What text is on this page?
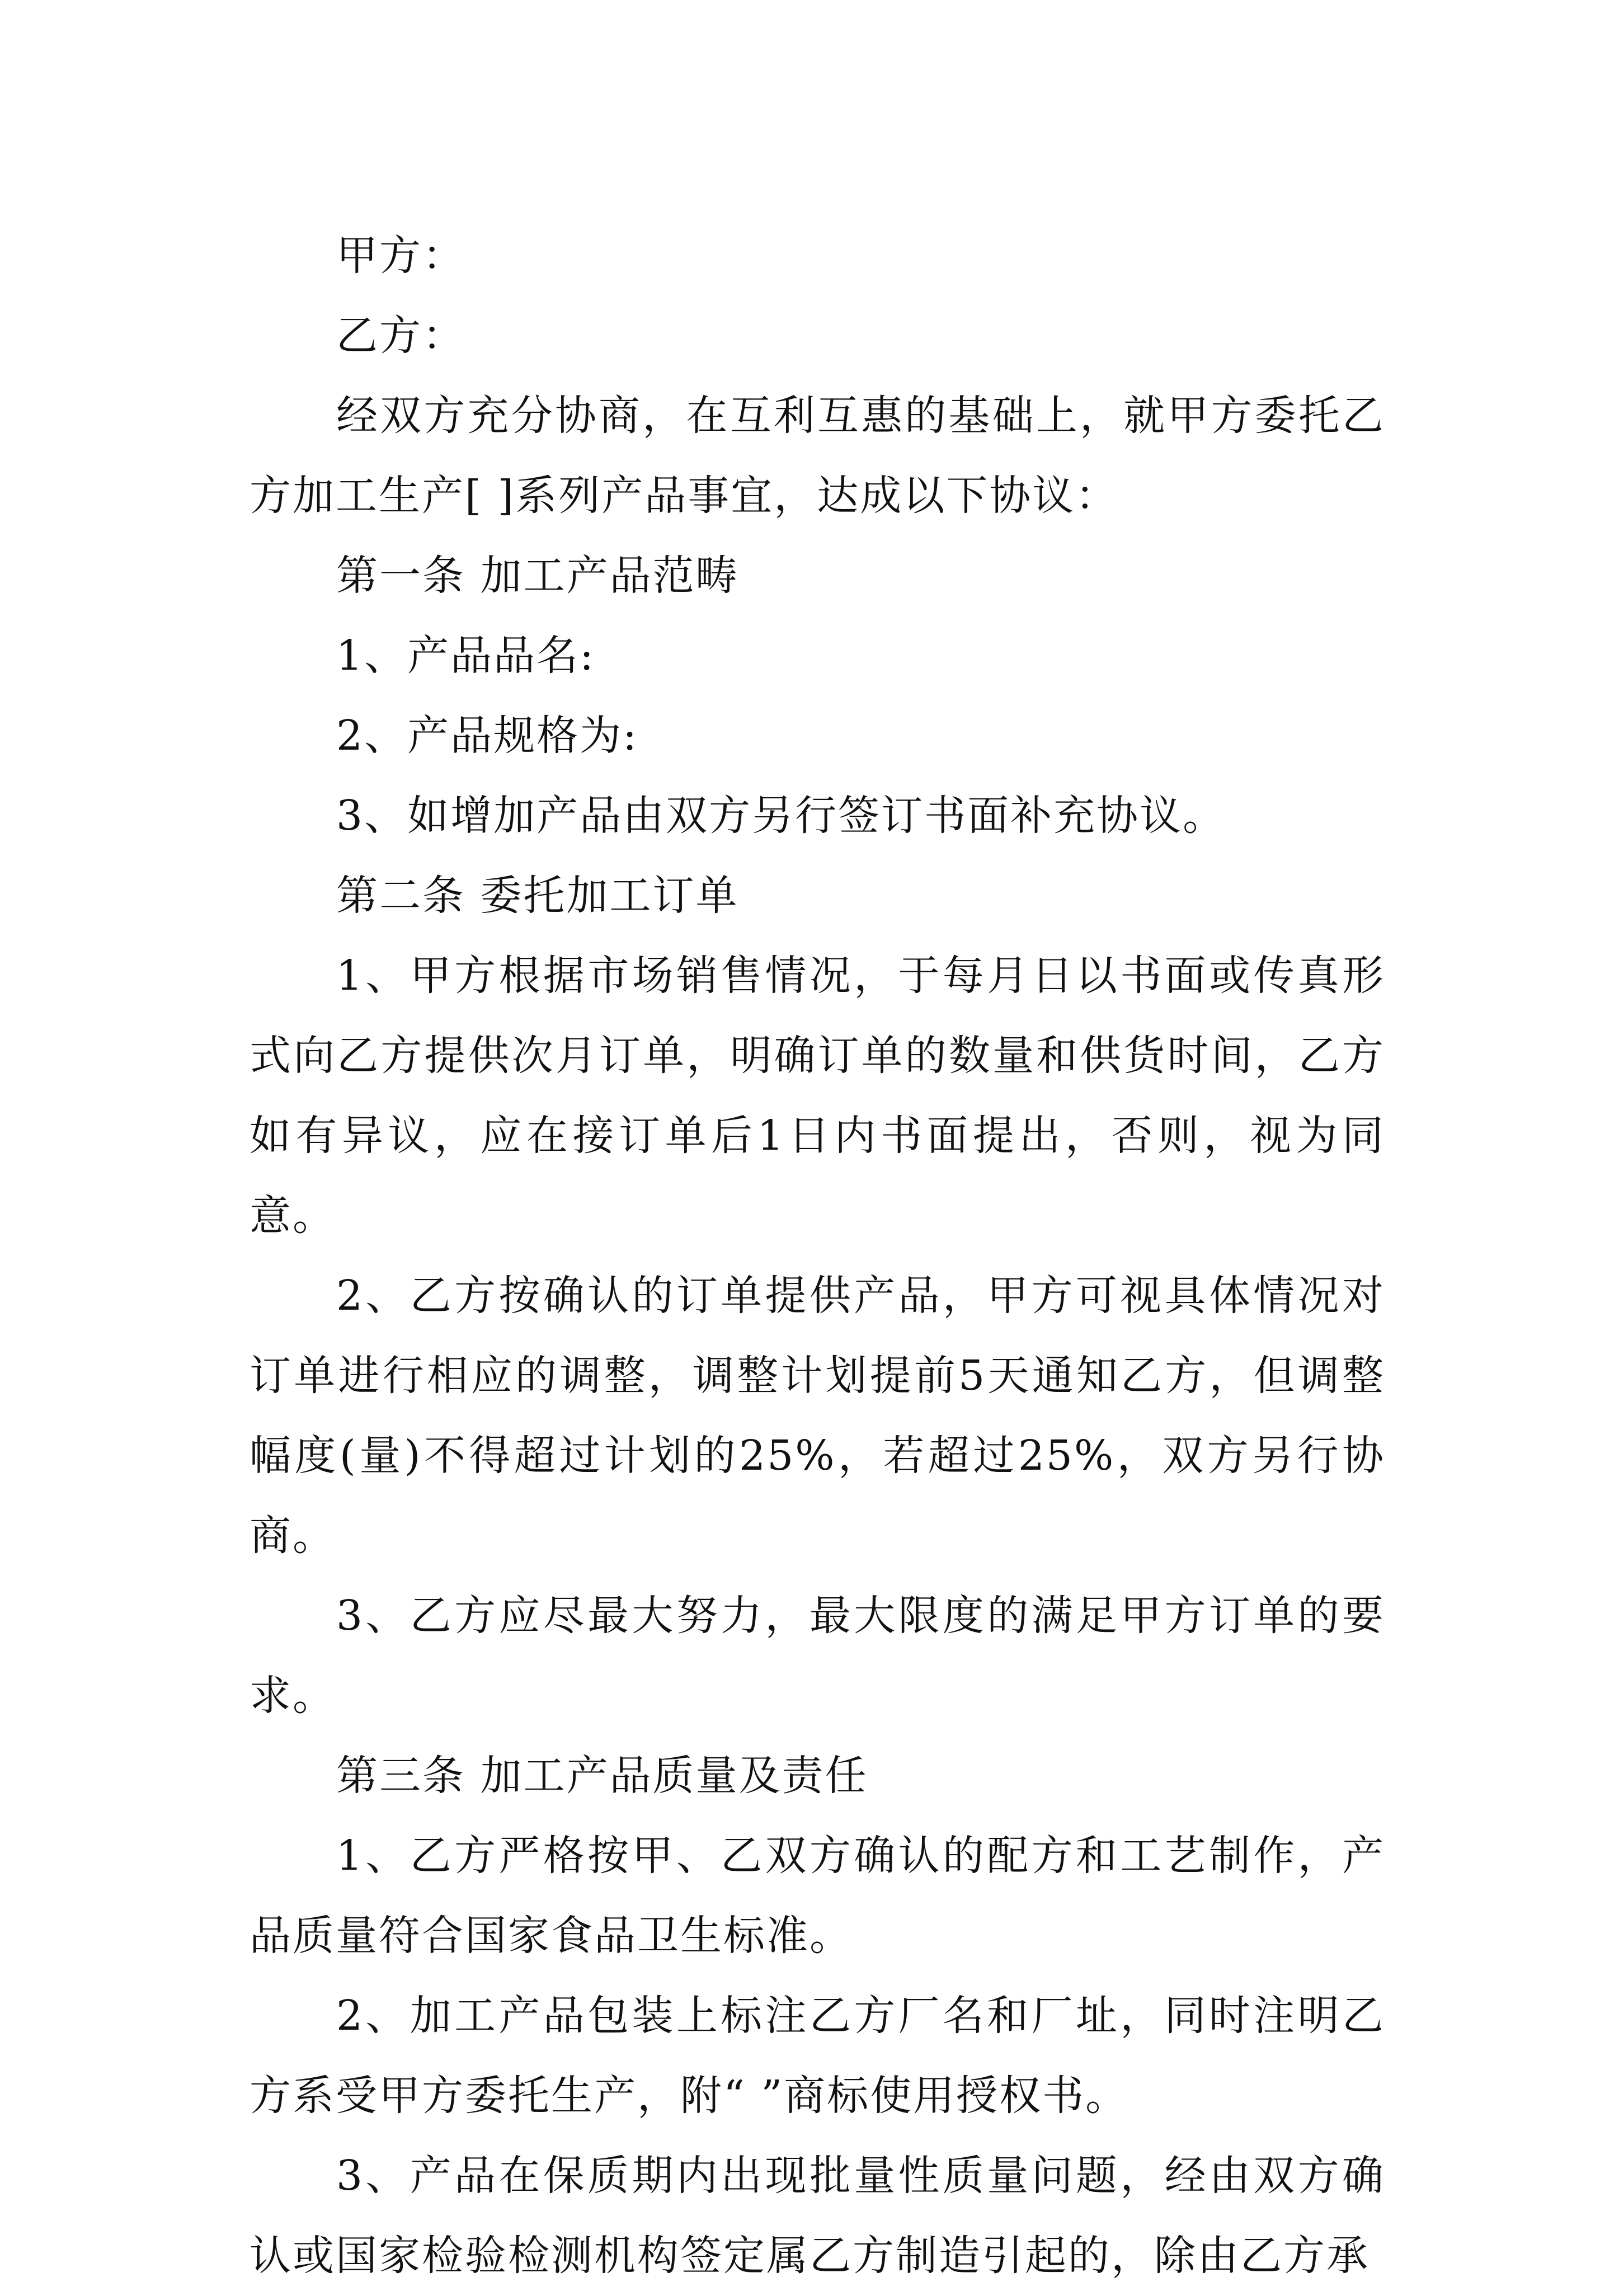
甲方：

乙方：

经双方充分协商，在互利互惠的基础上，就甲方委托乙方加工生产[ ]系列产品事宜，达成以下协议：

第一条 加工产品范畴

1、产品品名:

2、产品规格为:

3、如增加产品由双方另行签订书面补充协议。

第二条 委托加工订单

1、甲方根据市场销售情况，于每月日以书面或传真形式向乙方提供次月订单，明确订单的数量和供货时间，乙方如有异议，应在接订单后1日内书面提出，否则，视为同意。

2、乙方按确认的订单提供产品，甲方可视具体情况对订单进行相应的调整，调整计划提前5天通知乙方，但调整幅度(量)不得超过计划的25%，若超过25%，双方另行协商。

3、乙方应尽最大努力，最大限度的满足甲方订单的要求。

第三条 加工产品质量及责任

1、乙方严格按甲、乙双方确认的配方和工艺制作，产品质量符合国家食品卫生标准。

2、加工产品包装上标注乙方厂名和厂址，同时注明乙方系受甲方委托生产，附“ ”商标使用授权书。

3、产品在保质期内出现批量性质量问题，经由双方确认或国家检验检测机构签定属乙方制造引起的，除由乙方承
